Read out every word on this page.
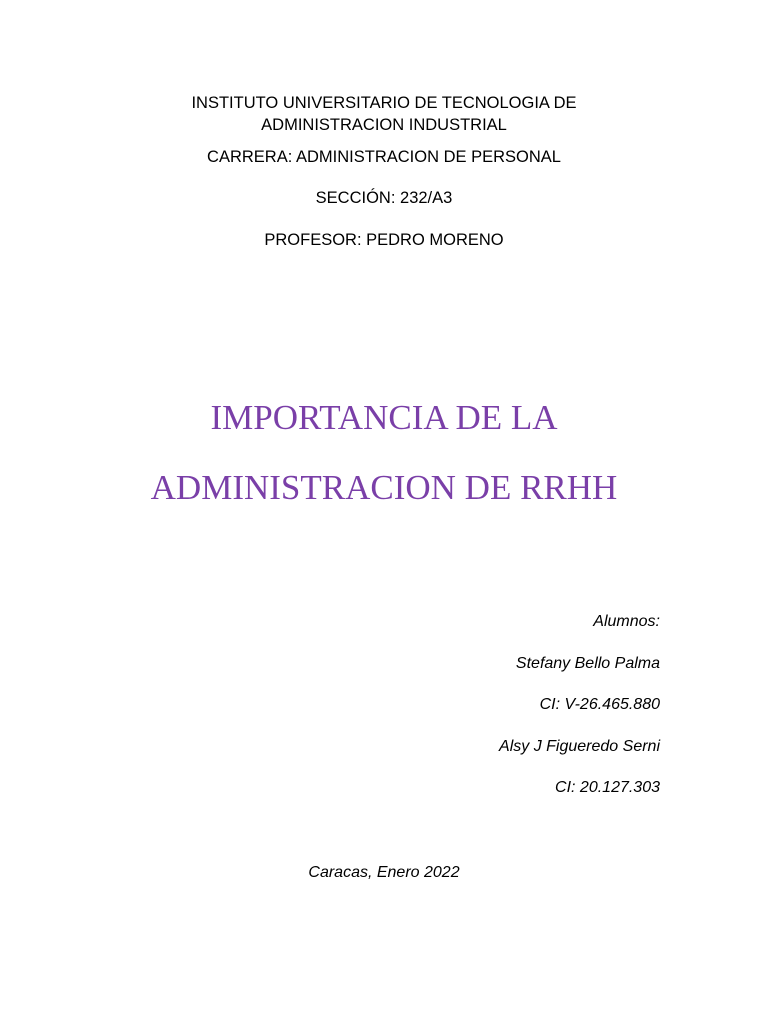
INSTITUTO UNIVERSITARIO DE TECNOLOGIA DE
ADMINISTRACION INDUSTRIAL
CARRERA: ADMINISTRACION DE PERSONAL
SECCIÓN: 232/A3
PROFESOR: PEDRO MORENO
IMPORTANCIA DE LA
ADMINISTRACION DE RRHH
Alumnos:
Stefany Bello Palma
CI: V-26.465.880
Alsy J Figueredo Serni
CI: 20.127.303
Caracas, Enero 2022
